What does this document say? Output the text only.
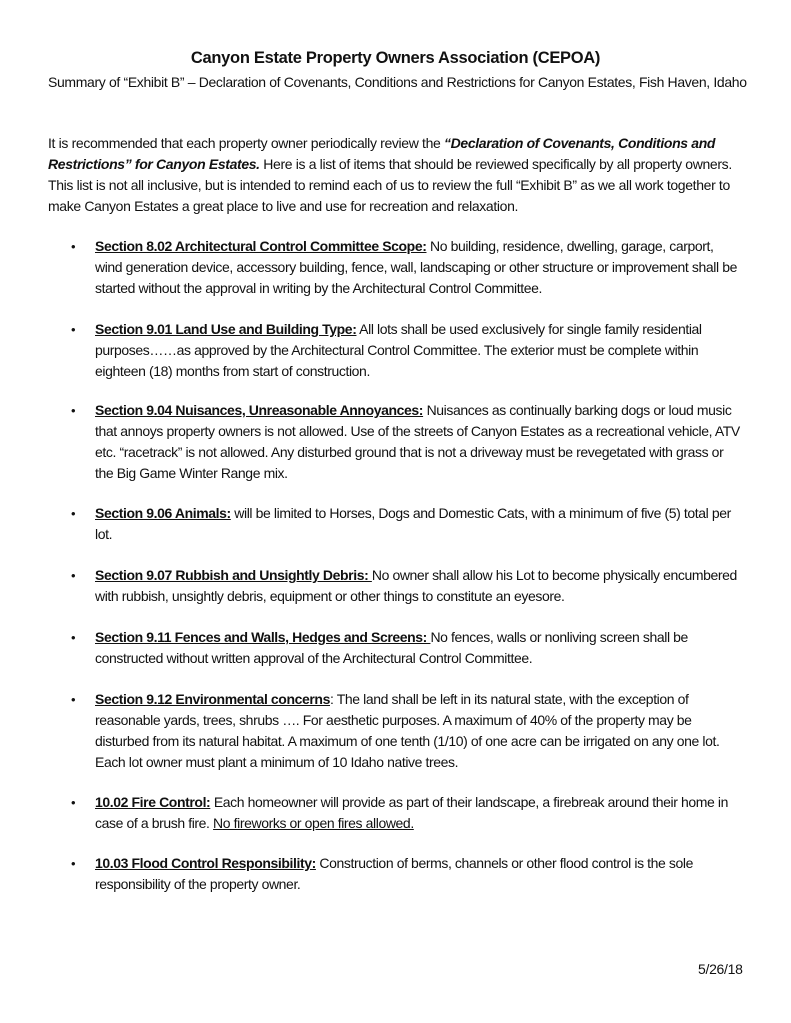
Canyon Estate Property Owners Association (CEPOA)
Summary of “Exhibit B” – Declaration of Covenants, Conditions and Restrictions for Canyon Estates, Fish Haven, Idaho
It is recommended that each property owner periodically review the “Declaration of Covenants, Conditions and Restrictions” for Canyon Estates. Here is a list of items that should be reviewed specifically by all property owners. This list is not all inclusive, but is intended to remind each of us to review the full “Exhibit B” as we all work together to make Canyon Estates a great place to live and use for recreation and relaxation.
• Section 8.02 Architectural Control Committee Scope: No building, residence, dwelling, garage, carport, wind generation device, accessory building, fence, wall, landscaping or other structure or improvement shall be started without the approval in writing by the Architectural Control Committee.
• Section 9.01 Land Use and Building Type: All lots shall be used exclusively for single family residential purposes……as approved by the Architectural Control Committee. The exterior must be complete within eighteen (18) months from start of construction.
• Section 9.04 Nuisances, Unreasonable Annoyances: Nuisances as continually barking dogs or loud music that annoys property owners is not allowed. Use of the streets of Canyon Estates as a recreational vehicle, ATV etc. “racetrack” is not allowed. Any disturbed ground that is not a driveway must be revegetated with grass or the Big Game Winter Range mix.
• Section 9.06 Animals: will be limited to Horses, Dogs and Domestic Cats, with a minimum of five (5) total per lot.
• Section 9.07 Rubbish and Unsightly Debris: No owner shall allow his Lot to become physically encumbered with rubbish, unsightly debris, equipment or other things to constitute an eyesore.
• Section 9.11 Fences and Walls, Hedges and Screens: No fences, walls or nonliving screen shall be constructed without written approval of the Architectural Control Committee.
• Section 9.12 Environmental concerns: The land shall be left in its natural state, with the exception of reasonable yards, trees, shrubs …. For aesthetic purposes. A maximum of 40% of the property may be disturbed from its natural habitat. A maximum of one tenth (1/10) of one acre can be irrigated on any one lot. Each lot owner must plant a minimum of 10 Idaho native trees.
• 10.02 Fire Control: Each homeowner will provide as part of their landscape, a firebreak around their home in case of a brush fire. No fireworks or open fires allowed.
• 10.03 Flood Control Responsibility: Construction of berms, channels or other flood control is the sole responsibility of the property owner.
5/26/18
